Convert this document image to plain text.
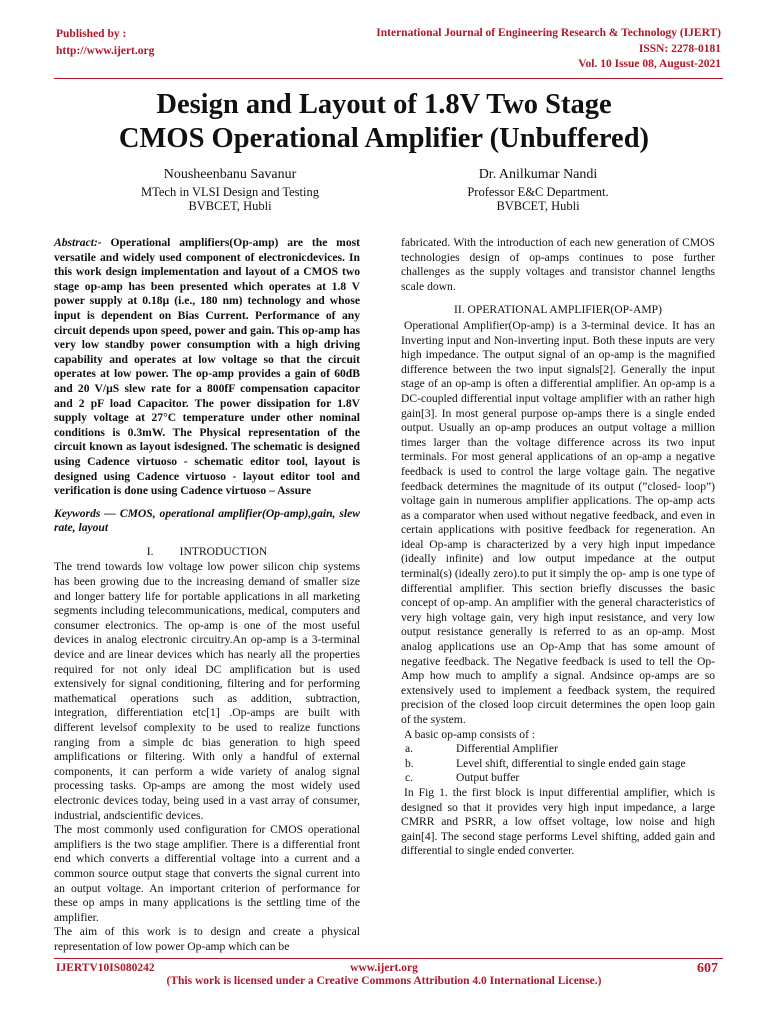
Published by :
http://www.ijert.org
International Journal of Engineering Research & Technology (IJERT)
ISSN: 2278-0181
Vol. 10 Issue 08, August-2021
Design and Layout of 1.8V Two Stage
CMOS Operational Amplifier (Unbuffered)
Nousheenbanu Savanur
MTech in VLSI Design and Testing
BVBCET, Hubli
Dr. Anilkumar Nandi
Professor E&C Department.
BVBCET, Hubli

Abstract:- Operational amplifiers(Op-amp) are the most versatile and widely used component of electronicdevices. In this work design implementation and layout of a CMOS two stage op-amp has been presented which operates at 1.8 V power supply at 0.18µ (i.e., 180 nm) technology and whose input is dependent on Bias Current. Performance of any circuit depends upon speed, power and gain. This op-amp has very low standby power consumption with a high driving capability and operates at low voltage so that the circuit operates at low power. The op-amp provides a gain of 60dB and 20 V/µS slew rate for a 800fF compensation capacitor and 2 pF load Capacitor. The power dissipation for 1.8V supply voltage at 27°C temperature under other nominal conditions is 0.3mW. The Physical representation of the circuit known as layout isdesigned. The schematic is designed using Cadence virtuoso - schematic editor tool, layout is designed using Cadence virtuoso - layout editor tool and verification is done using Cadence virtuoso – Assure

Keywords — CMOS, operational amplifier(Op-amp),gain, slew rate, layout

I. INTRODUCTION

The trend towards low voltage low power silicon chip systems has been growing due to the increasing demand of smaller size and longer battery life for portable applications in all marketing segments including telecommunications, medical, computers and consumer electronics. The op-amp is one of the most useful devices in analog electronic circuitry.An op-amp is a 3-terminal device and are linear devices which has nearly all the properties required for not only ideal DC amplification but is used extensively for signal conditioning, filtering and for performing mathematical operations such as addition, subtraction, integration, differentiation etc[1] .Op-amps are built with different levelsof complexity to be used to realize functions ranging from a simple dc bias generation to high speed amplifications or filtering. With only a handful of external components, it can perform a wide variety of analog signal processing tasks. Op-amps are among the most widely used electronic devices today, being used in a vast array of consumer, industrial, andscientific devices.

The most commonly used configuration for CMOS operational amplifiers is the two stage amplifier. There is a differential front end which converts a differential voltage into a current and a common source output stage that converts the signal current into an output voltage. An important criterion of performance for these op amps in many applications is the settling time of the amplifier.

The aim of this work is to design and create a physical representation of low power Op-amp which can be

fabricated. With the introduction of each new generation of CMOS technologies design of op-amps continues to pose further challenges as the supply voltages and transistor channel lengths scale down.

II. OPERATIONAL AMPLIFIER(OP-AMP)

Operational Amplifier(Op-amp) is a 3-terminal device. It has an Inverting input and Non-inverting input. Both these inputs are very high impedance. The output signal of an op-amp is the magnified difference between the two input signals[2]. Generally the input stage of an op-amp is often a differential amplifier. An op-amp is a DC-coupled differential input voltage amplifier with an rather high gain[3]. In most general purpose op-amps there is a single ended output. Usually an op-amp produces an output voltage a million times larger than the voltage difference across its two input terminals. For most general applications of an op-amp a negative feedback is used to control the large voltage gain. The negative feedback determines the magnitude of its output (”closed- loop”) voltage gain in numerous amplifier applications. The op-amp acts as a comparator when used without negative feedback, and even in certain applications with positive feedback for regeneration. An ideal Op-amp is characterized by a very high input impedance (ideally infinite) and low output impedance at the output terminal(s) (ideally zero).to put it simply the op- amp is one type of differential amplifier. This section briefly discusses the basic concept of op-amp. An amplifier with the general characteristics of very high voltage gain, very high input resistance, and very low output resistance generally is referred to as an op-amp. Most analog applications use an Op-Amp that has some amount of negative feedback. The Negative feedback is used to tell the Op-Amp how much to amplify a signal. Andsince op-amps are so extensively used to implement a feedback system, the required precision of the closed loop circuit determines the open loop gain of the system.

A basic op-amp consists of :

a.	Differential Amplifier
b.	Level shift, differential to single ended gain stage
c.	Output buffer

In Fig 1. the first block is input differential amplifier, which is designed so that it provides very high input impedance, a large CMRR and PSRR, a low offset voltage, low noise and high gain[4]. The second stage performs Level shifting, added gain and differential to single ended converter.

IJERTV10IS080242	www.ijert.org
(This work is licensed under a Creative Commons Attribution 4.0 International License.)
607
